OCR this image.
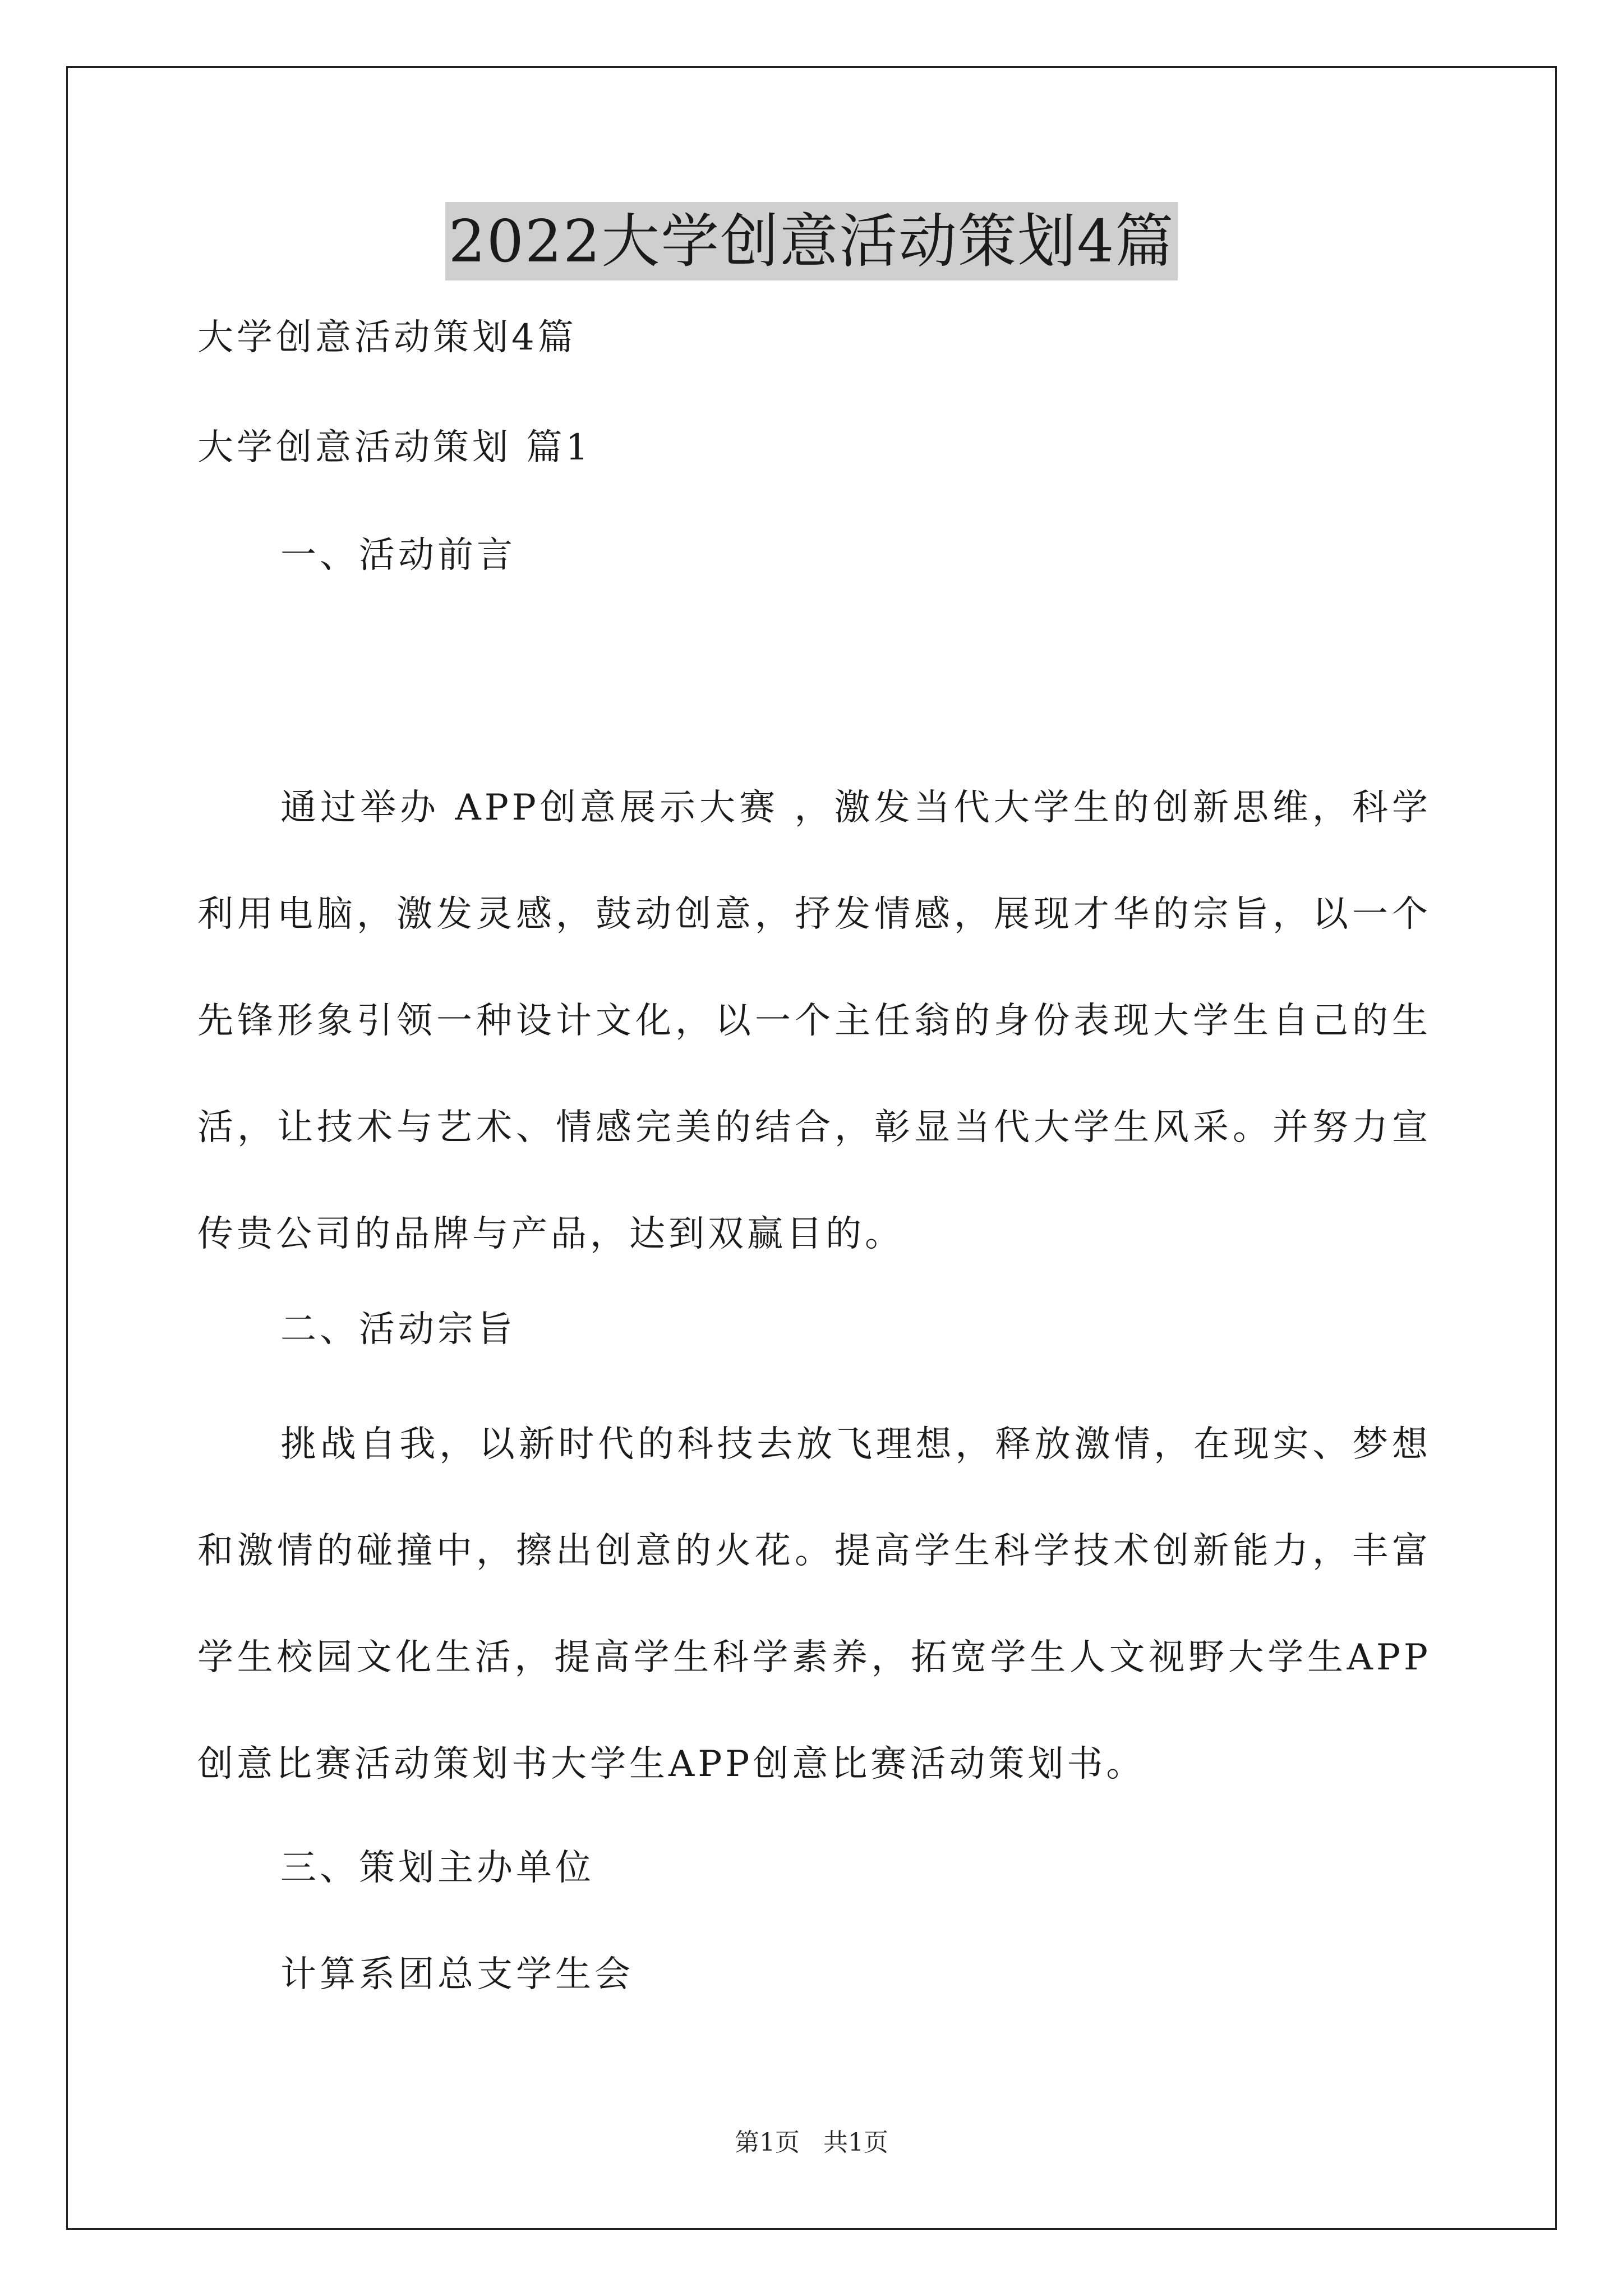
2022大学创意活动策划4篇
大学创意活动策划4篇
大学创意活动策划 篇1
一、活动前言

通过举办 APP创意展示大赛 ，激发当代大学生的创新思维，科学利用电脑，激发灵感，鼓动创意，抒发情感，展现才华的宗旨，以一个先锋形象引领一种设计文化，以一个主任翁的身份表现大学生自己的生活，让技术与艺术、情感完美的结合，彰显当代大学生风采。并努力宣传贵公司的品牌与产品，达到双赢目的。

二、活动宗旨

挑战自我，以新时代的科技去放飞理想，释放激情，在现实、梦想和激情的碰撞中，擦出创意的火花。提高学生科学技术创新能力，丰富学生校园文化生活，提高学生科学素养，拓宽学生人文视野大学生APP创意比赛活动策划书大学生APP创意比赛活动策划书。

三、策划主办单位
计算系团总支学生会
第1页 共1页
